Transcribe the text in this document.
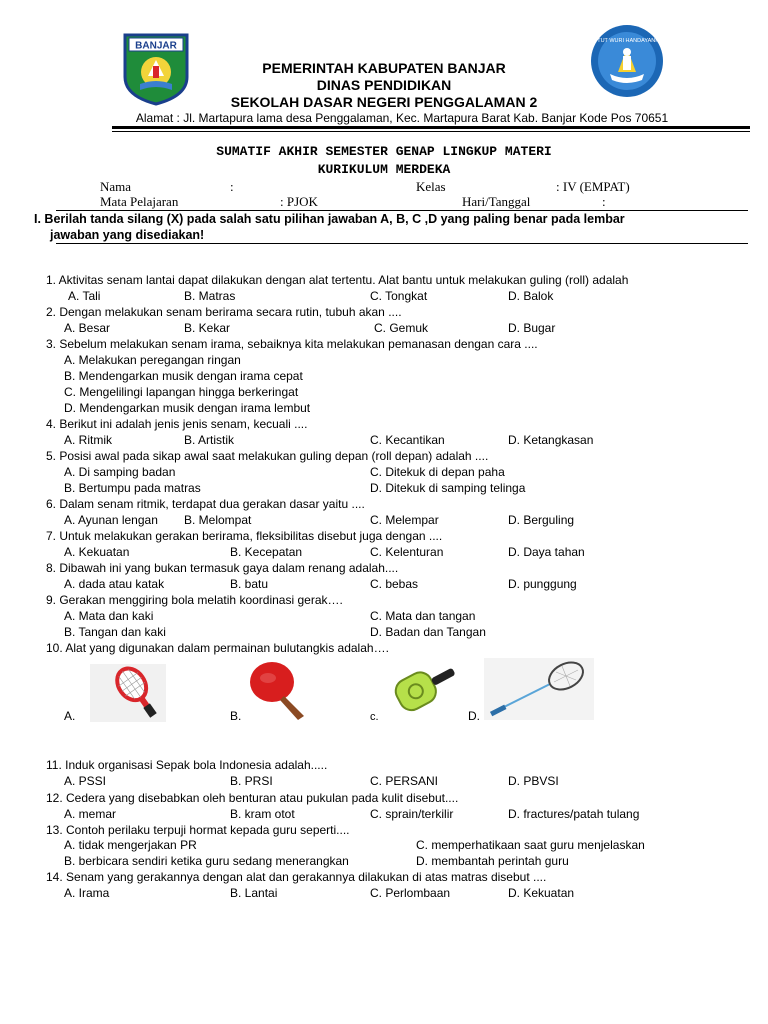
BANJAR	TUT WURI HANDAYANI
PEMERINTAH KABUPATEN BANJAR
DINAS PENDIDIKAN
SEKOLAH DASAR NEGERI PENGGALAMAN 2
Alamat : Jl. Martapura lama desa Penggalaman, Kec. Martapura Barat Kab. Banjar Kode Pos 70651
SUMATIF AKHIR SEMESTER GENAP LINGKUP MATERI
KURIKULUM MERDEKA
Nama	:	Kelas	: IV (EMPAT)
Mata Pelajaran	: PJOK	Hari/Tanggal	:
I. Berilah tanda silang (X) pada salah satu pilihan jawaban A, B, C ,D yang paling benar pada lembar
jawaban yang disediakan!
1. Aktivitas senam lantai dapat dilakukan dengan alat tertentu. Alat bantu untuk melakukan guling (roll) adalah
A. Tali	B. Matras	C. Tongkat	D. Balok
2. Dengan melakukan senam berirama secara rutin, tubuh akan ....
A. Besar	B. Kekar	C. Gemuk	D. Bugar
3. Sebelum melakukan senam irama, sebaiknya kita melakukan pemanasan dengan cara ....
A. Melakukan peregangan ringan
B. Mendengarkan musik dengan irama cepat
C. Mengelilingi lapangan hingga berkeringat
D. Mendengarkan musik dengan irama lembut
4. Berikut ini adalah jenis jenis senam, kecuali ....
A. Ritmik	B. Artistik	C. Kecantikan	D. Ketangkasan
5. Posisi awal pada sikap awal saat melakukan guling depan (roll depan) adalah ....
A. Di samping badan	C. Ditekuk di depan paha
B. Bertumpu pada matras	D. Ditekuk di samping telinga
6. Dalam senam ritmik, terdapat dua gerakan dasar yaitu ....
A. Ayunan lengan B. Melompat	C. Melempar	D. Berguling
7. Untuk melakukan gerakan berirama, fleksibilitas disebut juga dengan ....
A. Kekuatan	B. Kecepatan	C. Kelenturan	D. Daya tahan
8. Dibawah ini yang bukan termasuk gaya dalam renang adalah....
A. dada atau katak	B. batu	C. bebas	D. punggung
9. Gerakan menggiring bola melatih koordinasi gerak….
A. Mata dan kaki	C. Mata dan tangan
B. Tangan dan kaki	D. Badan dan Tangan
10. Alat yang digunakan dalam permainan bulutangkis adalah….
A.	B.	c.	D.
11. Induk organisasi Sepak bola Indonesia adalah.....
A. PSSI	B. PRSI	C. PERSANI	D. PBVSI
12. Cedera yang disebabkan oleh benturan atau pukulan pada kulit disebut....
A. memar	B. kram otot	C. sprain/terkilir	D. fractures/patah tulang
13. Contoh perilaku terpuji hormat kepada guru seperti....
A. tidak mengerjakan PR	C. memperhatikaan saat guru menjelaskan
B. berbicara sendiri ketika guru sedang menerangkan	D. membantah perintah guru
14. Senam yang gerakannya dengan alat dan gerakannya dilakukan di atas matras disebut ....
A. Irama	B. Lantai	C. Perlombaan	D. Kekuatan
